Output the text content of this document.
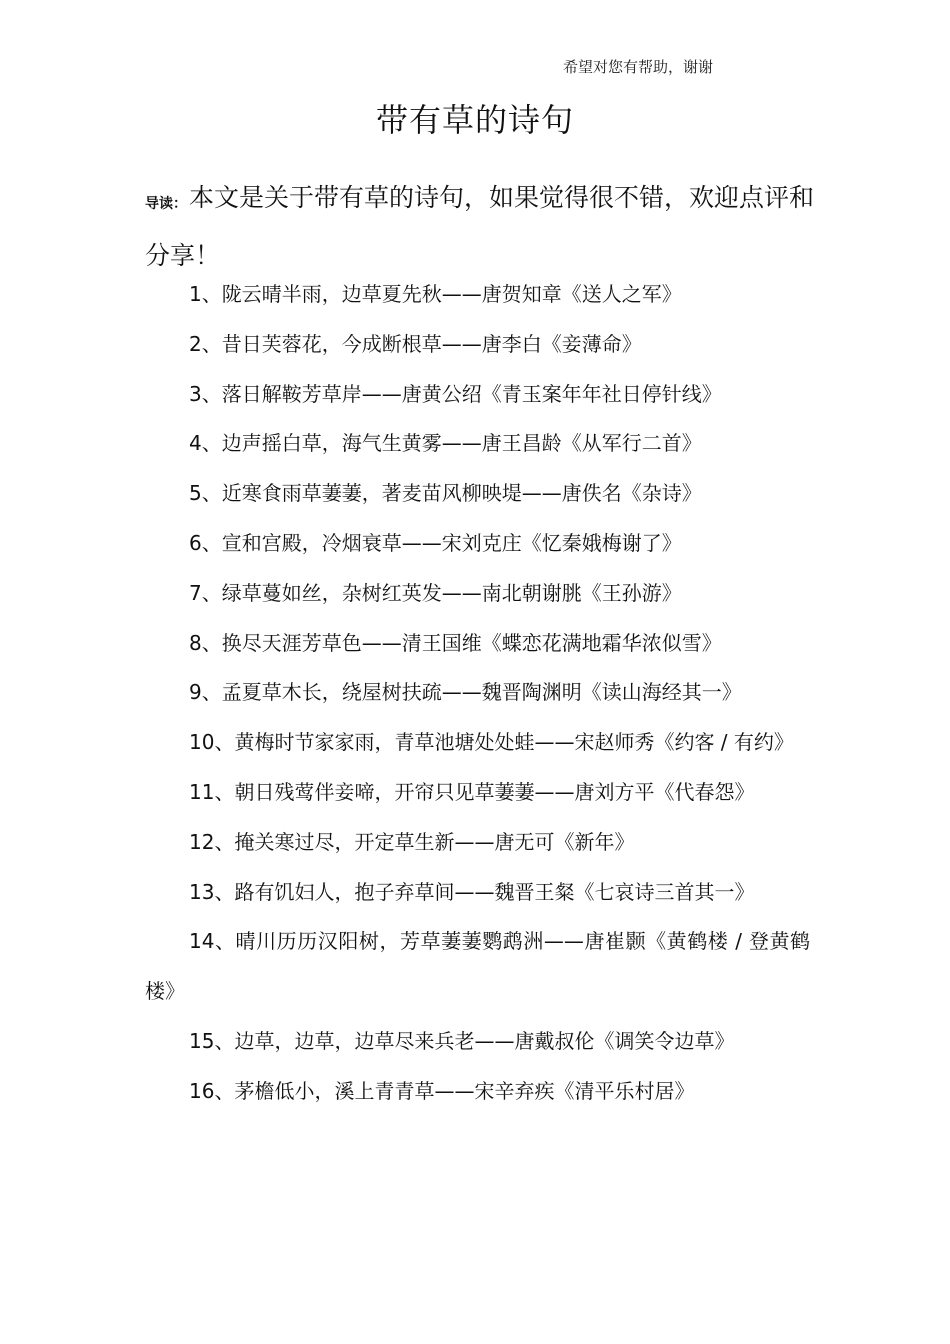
希望对您有帮助，谢谢
带有草的诗句
导读：本文是关于带有草的诗句，如果觉得很不错，欢迎点评和分享！
1、陇云晴半雨，边草夏先秋——唐贺知章《送人之军》
2、昔日芙蓉花，今成断根草——唐李白《妾薄命》
3、落日解鞍芳草岸——唐黄公绍《青玉案年年社日停针线》
4、边声摇白草，海气生黄雾——唐王昌龄《从军行二首》
5、近寒食雨草萋萋，著麦苗风柳映堤——唐佚名《杂诗》
6、宣和宫殿，冷烟衰草——宋刘克庄《忆秦娥梅谢了》
7、绿草蔓如丝，杂树红英发——南北朝谢朓《王孙游》
8、换尽天涯芳草色——清王国维《蝶恋花满地霜华浓似雪》
9、孟夏草木长，绕屋树扶疏——魏晋陶渊明《读山海经其一》
10、黄梅时节家家雨，青草池塘处处蛙——宋赵师秀《约客 / 有约》
11、朝日残莺伴妾啼，开帘只见草萋萋——唐刘方平《代春怨》
12、掩关寒过尽，开定草生新——唐无可《新年》
13、路有饥妇人，抱子弃草间——魏晋王粲《七哀诗三首其一》
14、晴川历历汉阳树，芳草萋萋鹦鹉洲——唐崔颢《黄鹤楼 / 登黄鹤楼》
15、边草，边草，边草尽来兵老——唐戴叔伦《调笑令边草》
16、茅檐低小，溪上青青草——宋辛弃疾《清平乐村居》
